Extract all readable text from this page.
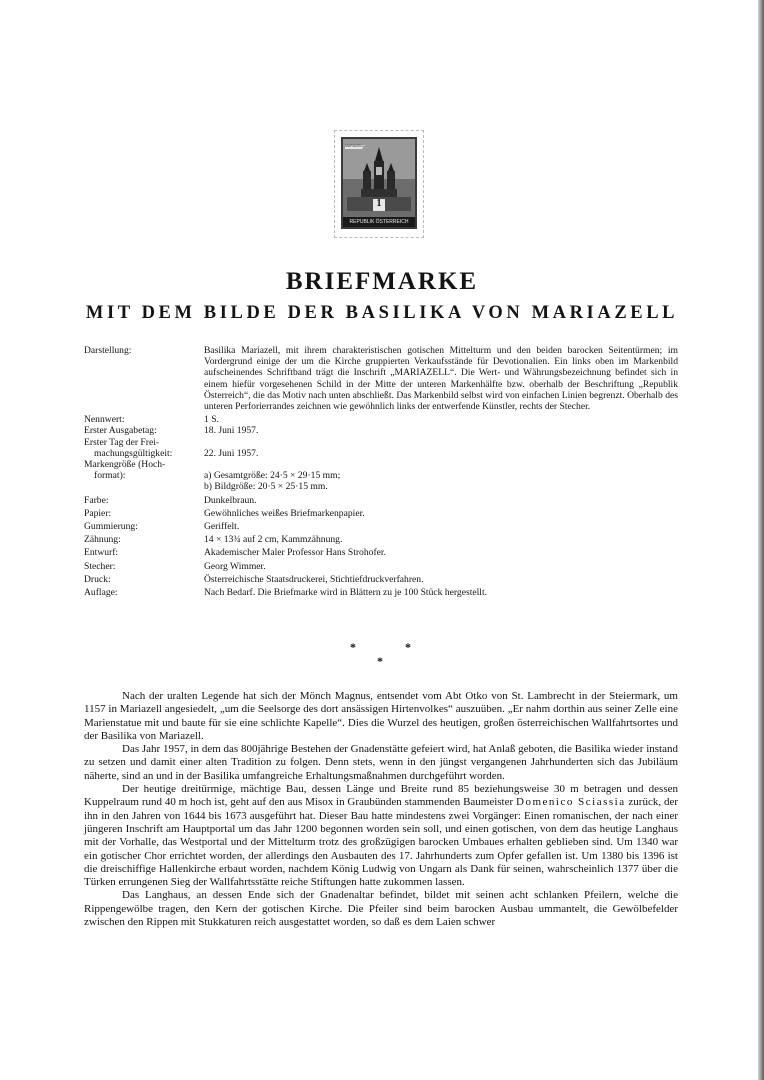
MARIAZELL
1
REPUBLIK ÖSTERREICH
BRIEFMARKE
MIT DEM BILDE DER BASILIKA VON MARIAZELL
Darstellung:	Basilika Mariazell, mit ihrem charakteristischen gotischen Mittelturm und den beiden barocken Seitentürmen; im Vordergrund einige der um die Kirche gruppierten Verkaufsstände für Devotionalien. Ein links oben im Markenbild aufscheinendes Schriftband trägt die Inschrift „MARIAZELL“. Die Wert- und Währungsbezeichnung befindet sich in einem hiefür vorgesehenen Schild in der Mitte der unteren Markenhälfte bzw. oberhalb der Beschriftung „Republik Österreich“, die das Motiv nach unten abschließt. Das Markenbild selbst wird von einfachen Linien begrenzt. Oberhalb des unteren Perforierrandes zeichnen wie gewöhnlich links der entwerfende Künstler, rechts der Stecher.
Nennwert:	1 S.
Erster Ausgabetag:	18. Juni 1957.
Erster Tag der Frei-
machungsgültigkeit:	22. Juni 1957.
Markengröße (Hoch-
format):	a) Gesamtgröße: 24·5 × 29·15 mm;
b) Bildgröße: 20·5 × 25·15 mm.
Farbe:	Dunkelbraun.
Papier:	Gewöhnliches weißes Briefmarkenpapier.
Gummierung:	Geriffelt.
Zähnung:	14 × 13¾ auf 2 cm, Kammzähnung.
Entwurf:	Akademischer Maler Professor Hans Strohofer.
Stecher:	Georg Wimmer.
Druck:	Österreichische Staatsdruckerei, Stichtiefdruckverfahren.
Auflage:	Nach Bedarf. Die Briefmarke wird in Blättern zu je 100 Stück hergestellt.
*	*
*

Nach der uralten Legende hat sich der Mönch Magnus, entsendet vom Abt Otko von St. Lambrecht in der Steiermark, um 1157 in Mariazell angesiedelt, „um die Seelsorge des dort ansässigen Hirtenvolkes“ auszuüben. „Er nahm dorthin aus seiner Zelle eine Marienstatue mit und baute für sie eine schlichte Kapelle“. Dies die Wurzel des heutigen, großen österreichischen Wallfahrtsortes und der Basilika von Mariazell.

Das Jahr 1957, in dem das 800jährige Bestehen der Gnadenstätte gefeiert wird, hat Anlaß geboten, die Basilika wieder instand zu setzen und damit einer alten Tradition zu folgen. Denn stets, wenn in den jüngst vergangenen Jahrhunderten sich das Jubiläum näherte, sind an und in der Basilika umfangreiche Erhaltungsmaßnahmen durchgeführt worden.

Der heutige dreitürmige, mächtige Bau, dessen Länge und Breite rund 85 beziehungsweise 30 m betragen und dessen Kuppelraum rund 40 m hoch ist, geht auf den aus Misox in Graubünden stammenden Baumeister Domenico Sciassia zurück, der ihn in den Jahren von 1644 bis 1673 ausgeführt hat. Dieser Bau hatte mindestens zwei Vorgänger: Einen romanischen, der nach einer jüngeren Inschrift am Hauptportal um das Jahr 1200 begonnen worden sein soll, und einen gotischen, von dem das heutige Langhaus mit der Vorhalle, das Westportal und der Mittelturm trotz des großzügigen barocken Umbaues erhalten geblieben sind. Um 1340 war ein gotischer Chor errichtet worden, der allerdings den Ausbauten des 17. Jahrhunderts zum Opfer gefallen ist. Um 1380 bis 1396 ist die dreischiffige Hallenkirche erbaut worden, nachdem König Ludwig von Ungarn als Dank für seinen, wahrscheinlich 1377 über die Türken errungenen Sieg der Wallfahrtsstätte reiche Stiftungen hatte zukommen lassen.

Das Langhaus, an dessen Ende sich der Gnadenaltar befindet, bildet mit seinen acht schlanken Pfeilern, welche die Rippengewölbe tragen, den Kern der gotischen Kirche. Die Pfeiler sind beim barocken Ausbau ummantelt, die Gewölbefelder zwischen den Rippen mit Stukkaturen reich ausgestattet worden, so daß es dem Laien schwer
